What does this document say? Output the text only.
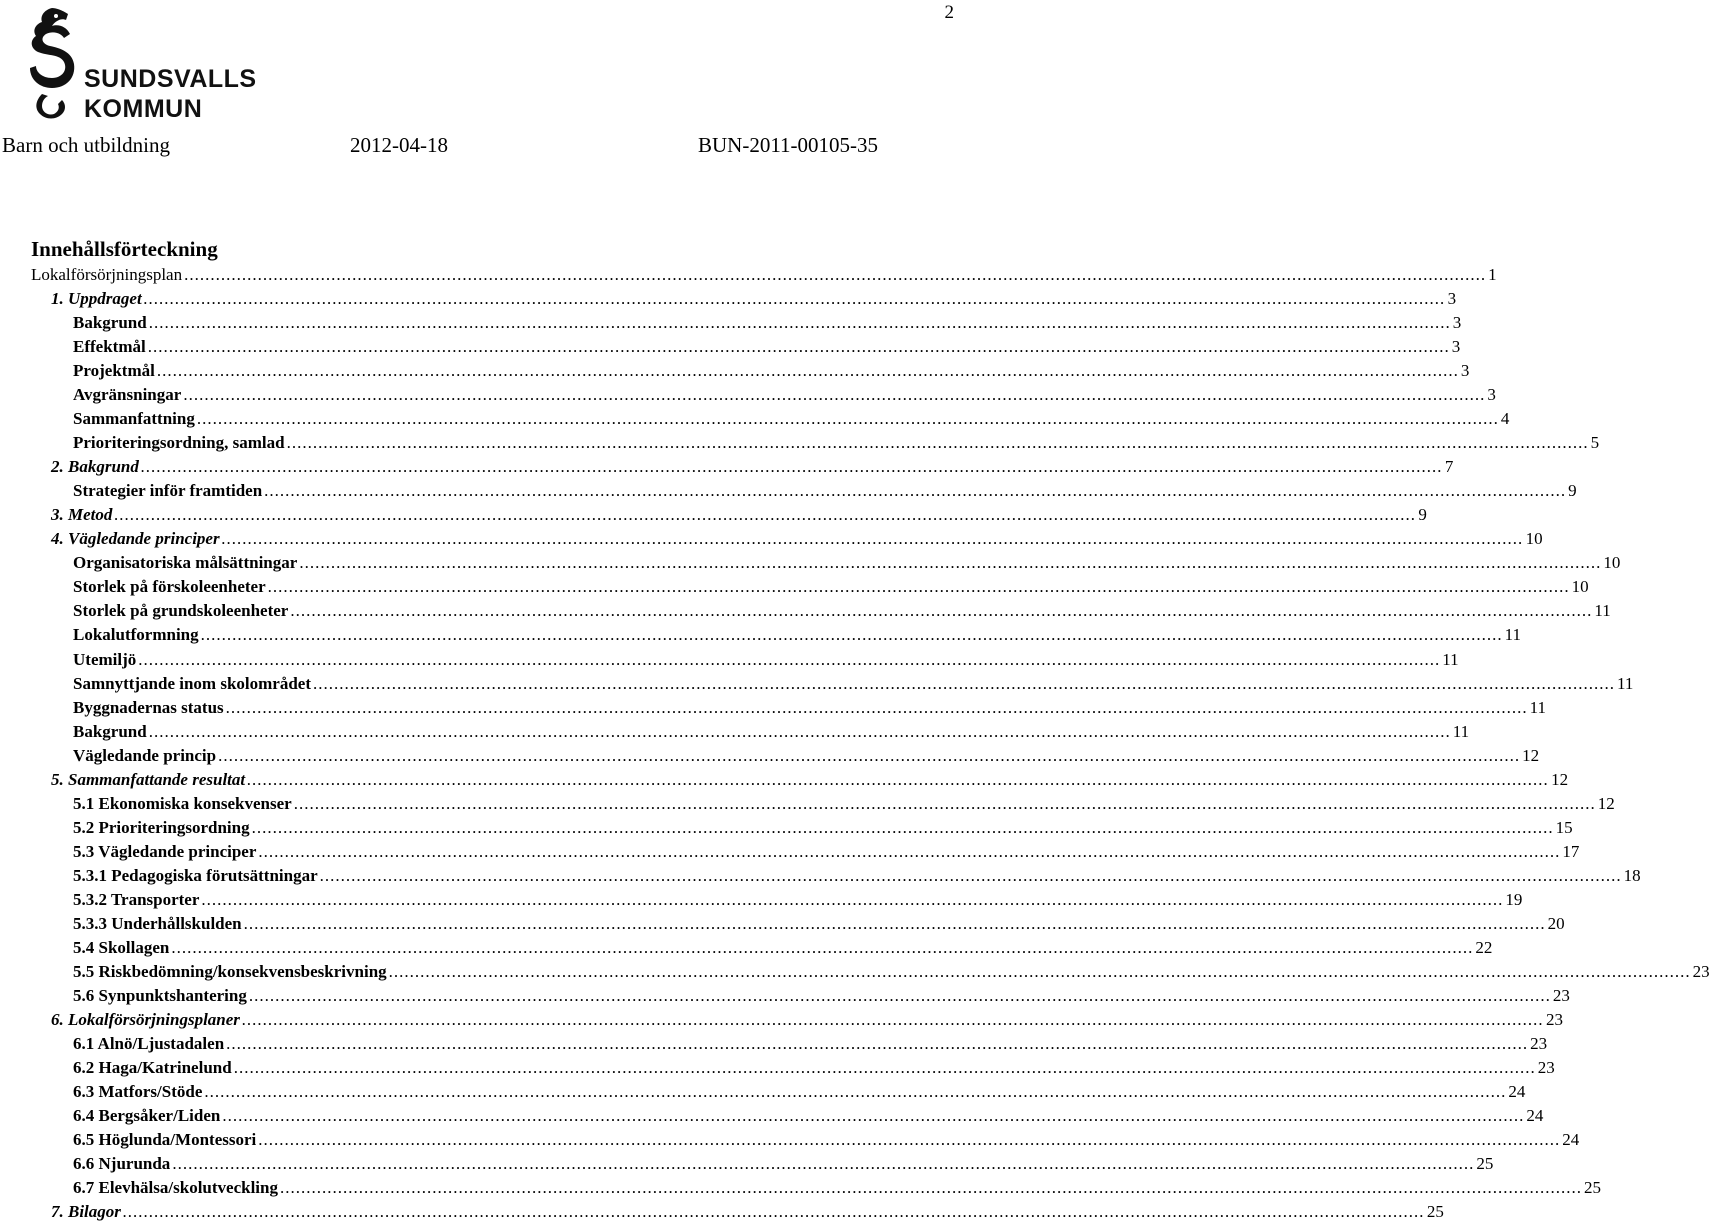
2
SUNDSVALLS
KOMMUN
Barn och utbildning	2012-04-18	BUN-2011-00105-35
Innehållsförteckning
Lokalförsörjningsplan .....	1
1. Uppdraget .....	3
Bakgrund .....	3
Effektmål .....	3
Projektmål .....	3
Avgränsningar .....	3
Sammanfattning .....	4
Prioriteringsordning, samlad .....	5
2. Bakgrund .....	7
Strategier inför framtiden .....	9
3. Metod .....	9
4. Vägledande principer .....	10
Organisatoriska målsättningar .....	10
Storlek på förskoleenheter .....	10
Storlek på grundskoleenheter .....	11
Lokalutformning .....	11
Utemiljö .....	11
Samnyttjande inom skolområdet .....	11
Byggnadernas status .....	11
Bakgrund .....	11
Vägledande princip .....	12
5. Sammanfattande resultat .....	12
5.1 Ekonomiska konsekvenser .....	12
5.2 Prioriteringsordning .....	15
5.3 Vägledande principer .....	17
5.3.1 Pedagogiska förutsättningar .....	18
5.3.2 Transporter .....	19
5.3.3 Underhållskulden .....	20
5.4 Skollagen .....	22
5.5 Riskbedömning/konsekvensbeskrivning .....	23
5.6 Synpunktshantering .....	23
6. Lokalförsörjningsplaner .....	23
6.1 Alnö/Ljustadalen .....	23
6.2 Haga/Katrinelund .....	23
6.3 Matfors/Stöde .....	24
6.4 Bergsåker/Liden .....	24
6.5 Höglunda/Montessori .....	24
6.6 Njurunda .....	25
6.7 Elevhälsa/skolutveckling .....	25
7. Bilagor .....	25
